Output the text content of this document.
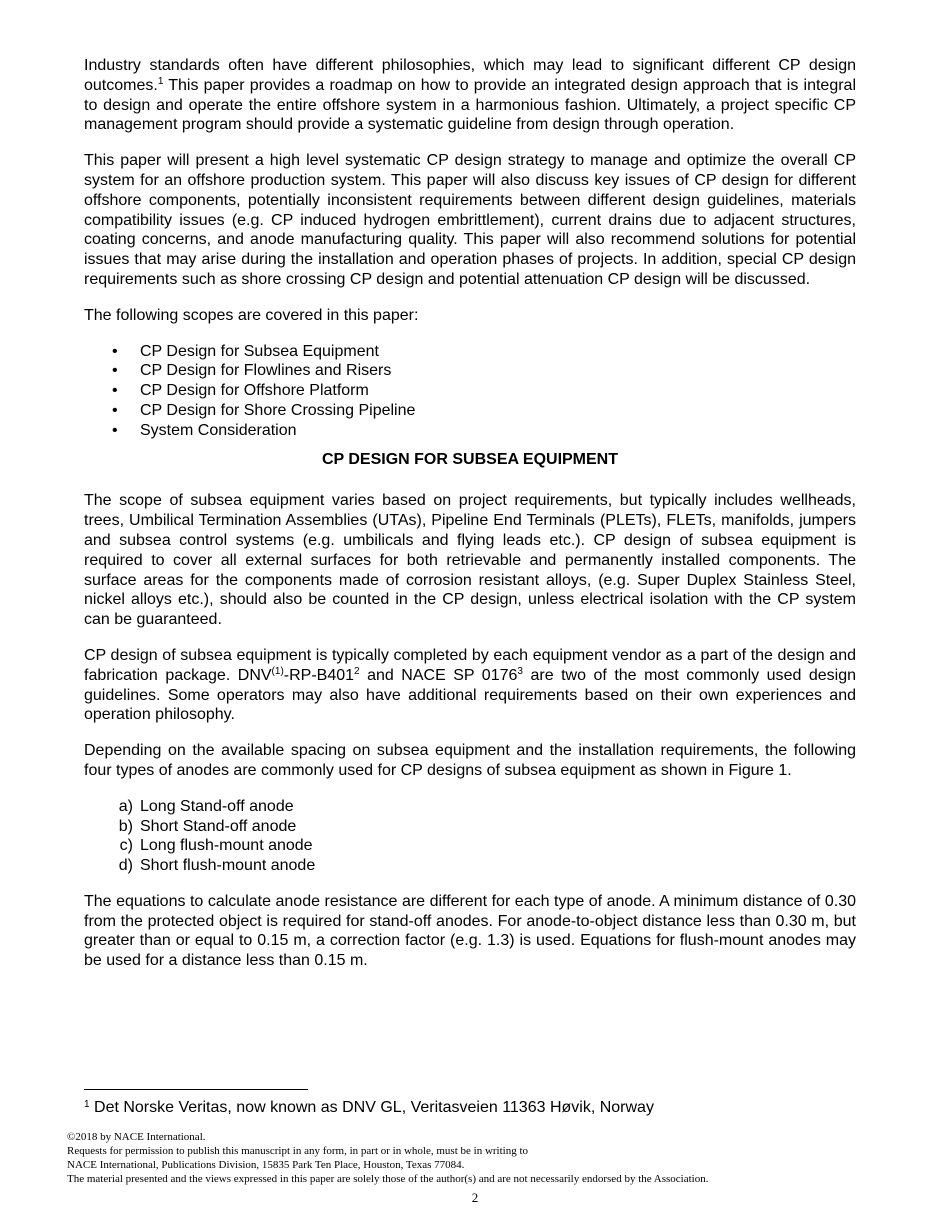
Industry standards often have different philosophies, which may lead to significant different CP design outcomes.$^1$ This paper provides a roadmap on how to provide an integrated design approach that is integral to design and operate the entire offshore system in a harmonious fashion. Ultimately, a project specific CP management program should provide a systematic guideline from design through operation.

This paper will present a high level systematic CP design strategy to manage and optimize the overall CP system for an offshore production system. This paper will also discuss key issues of CP design for different offshore components, potentially inconsistent requirements between different design guidelines, materials compatibility issues (e.g. CP induced hydrogen embrittlement), current drains due to adjacent structures, coating concerns, and anode manufacturing quality. This paper will also recommend solutions for potential issues that may arise during the installation and operation phases of projects. In addition, special CP design requirements such as shore crossing CP design and potential attenuation CP design will be discussed.

The following scopes are covered in this paper:

• CP Design for Subsea Equipment
• CP Design for Flowlines and Risers
• CP Design for Offshore Platform
• CP Design for Shore Crossing Pipeline
• System Consideration
CP DESIGN FOR SUBSEA EQUIPMENT

The scope of subsea equipment varies based on project requirements, but typically includes wellheads, trees, Umbilical Termination Assemblies (UTAs), Pipeline End Terminals (PLETs), FLETs, manifolds, jumpers and subsea control systems (e.g. umbilicals and flying leads etc.). CP design of subsea equipment is required to cover all external surfaces for both retrievable and permanently installed components. The surface areas for the components made of corrosion resistant alloys, (e.g. Super Duplex Stainless Steel, nickel alloys etc.), should also be counted in the CP design, unless electrical isolation with the CP system can be guaranteed.

CP design of subsea equipment is typically completed by each equipment vendor as a part of the design and fabrication package. $DNV^{(1)}-RP-B401^2$ and NACE SP 0176$^3$ are two of the most commonly used design guidelines. Some operators may also have additional requirements based on their own experiences and operation philosophy.

Depending on the available spacing on subsea equipment and the installation requirements, the following four types of anodes are commonly used for CP designs of subsea equipment as shown in Figure 1.

a) Long Stand-off anode
b) Short Stand-off anode
c) Long flush-mount anode
d) Short flush-mount anode

The equations to calculate anode resistance are different for each type of anode. A minimum distance of 0.30 from the protected object is required for stand-off anodes. For anode-to-object distance less than 0.30 m, but greater than or equal to 0.15 m, a correction factor (e.g. 1.3) is used. Equations for flush-mount anodes may be used for a distance less than 0.15 m.

$^1$ Det Norske Veritas, now known as DNV GL, Veritasveien 11363 Høvik, Norway
©2018 by NACE International.
Requests for permission to publish this manuscript in any form, in part or in whole, must be in writing to
NACE International, Publications Division, 15835 Park Ten Place, Houston, Texas 77084.
The material presented and the views expressed in this paper are solely those of the author(s) and are not necessarily endorsed by the Association.
2
